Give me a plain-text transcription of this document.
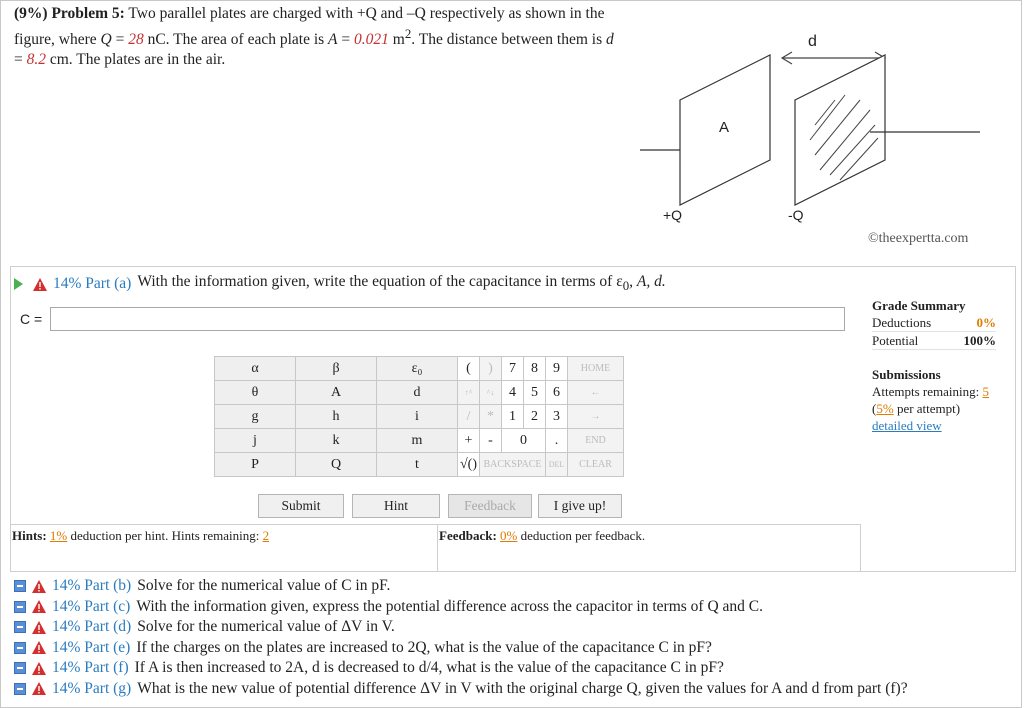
(9%) Problem 5: Two parallel plates are charged with +Q and –Q respectively as shown in the figure, where Q = 28 nC. The area of each plate is A = 0.021 $m^2$. The distance between them is d = 8.2 cm. The plates are in the air.
d
A
+Q	-Q
©theexpertta.com
14% Part (a) With the information given, write the equation of the capacitance in terms of $\varepsilon_0$, A, d.
C =
Grade Summary
Deductions	0%
Potential	100%
Submissions
Attempts remaining: 5
(5% per attempt)
detailed view
α	β	ε₀	(	)	7	8	9	HOME
θ	A	d	↑^	^↓	4	5	6	←
g	h	i	/	*	1	2	3	→
j	k	m	+	-	0		.	END
P	Q	t	√()	BACKSPACE			DEL	CLEAR
Submit	Hint	Feedback	I give up!
Hints: 1% deduction per hint. Hints remaining: 2	Feedback: 0% deduction per feedback.
14% Part (b) Solve for the numerical value of C in pF.
14% Part (c) With the information given, express the potential difference across the capacitor in terms of Q and C.
14% Part (d) Solve for the numerical value of ΔV in V.
14% Part (e) If the charges on the plates are increased to 2Q, what is the value of the capacitance C in pF?
14% Part (f) If A is then increased to 2A, d is decreased to d/4, what is the value of the capacitance C in pF?
14% Part (g) What is the new value of potential difference ΔV in V with the original charge Q, given the values for A and d from part (f)?
